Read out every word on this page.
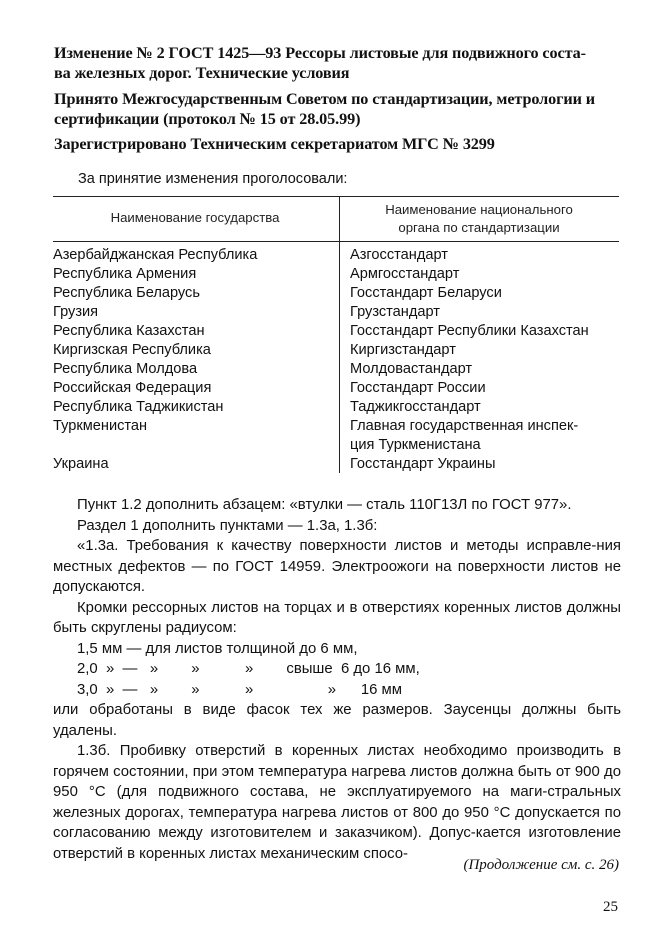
Изменение № 2 ГОСТ 1425—93 Рессоры листовые для подвижного соста-
ва железных дорог. Технические условия
Принято Межгосударственным Советом по стандартизации, метрологии и
сертификации (протокол № 15 от 28.05.99)
Зарегистрировано Техническим секретариатом МГС № 3299
За принятие изменения проголосовали:
Наименование государства
Наименование национального
органа по стандартизации
Азербайджанская Республика	Азгосстандарт
Республика Армения	Армгосстандарт
Республика Беларусь	Госстандарт Беларуси
Грузия	Грузстандарт
Республика Казахстан	Госстандарт Республики Казахстан
Киргизская Республика	Киргизстандарт
Республика Молдова	Молдовастандарт
Российская Федерация	Госстандарт России
Республика Таджикистан	Таджикгосстандарт
Туркменистан	Главная государственная инспек-
ция Туркменистана
Украина	Госстандарт Украины

Пункт 1.2 дополнить абзацем: «втулки — сталь 110Г13Л по ГОСТ 977».

Раздел 1 дополнить пунктами — 1.3а, 1.3б:

«1.3а. Требования к качеству поверхности листов и методы исправле-ния местных дефектов — по ГОСТ 14959. Электроожоги на поверхности листов не допускаются.

Кромки рессорных листов на торцах и в отверстиях коренных листов должны быть скруглены радиусом:

1,5 мм — для листов толщиной до 6 мм,

2,0  »  —   »        »           »        свыше  6 до 16 мм,

3,0  »  —   »        »           »                  »      16 мм

или обработаны в виде фасок тех же размеров. Заусенцы должны быть удалены.

1.3б. Пробивку отверстий в коренных листах необходимо производить в горячем состоянии, при этом температура нагрева листов должна быть от 900 до 950 °С (для подвижного состава, не эксплуатируемого на маги-стральных железных дорогах, температура нагрева листов от 800 до 950 °С допускается по согласованию между изготовителем и заказчиком). Допус-кается изготовление отверстий в коренных листах механическим спосо-

(Продолжение см. с. 26)
25
